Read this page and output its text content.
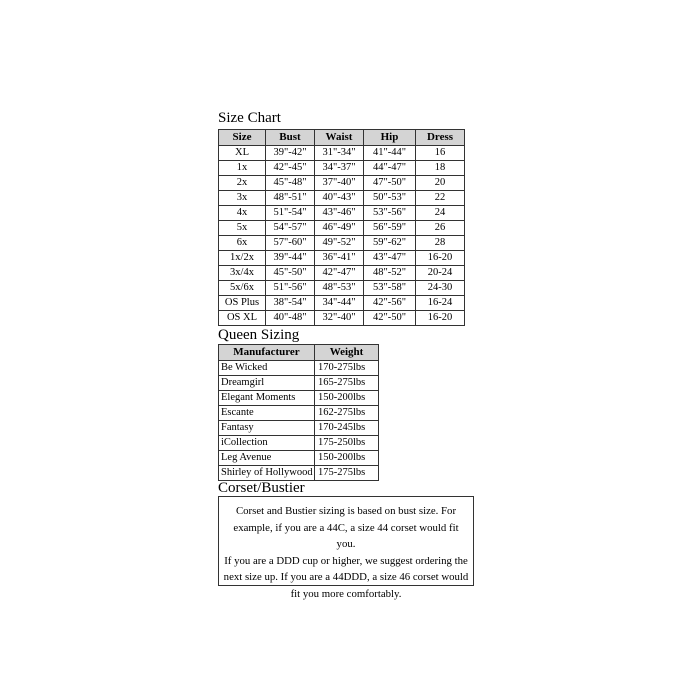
Size Chart
Size	Bust	Waist	Hip	Dress
XL	39"-42"	31"-34"	41"-44"	16
1x	42"-45"	34"-37"	44"-47"	18
2x	45"-48"	37"-40"	47"-50"	20
3x	48"-51"	40"-43"	50"-53"	22
4x	51"-54"	43"-46"	53"-56"	24
5x	54"-57"	46"-49"	56"-59"	26
6x	57"-60"	49"-52"	59"-62"	28
1x/2x	39"-44"	36"-41"	43"-47"	16-20
3x/4x	45"-50"	42"-47"	48"-52"	20-24
5x/6x	51"-56"	48"-53"	53"-58"	24-30
OS Plus	38"-54"	34"-44"	42"-56"	16-24
OS XL	40"-48"	32"-40"	42"-50"	16-20
Queen Sizing
Manufacturer	Weight
Be Wicked	170-275lbs
Dreamgirl	165-275lbs
Elegant Moments	150-200lbs
Escante	162-275lbs
Fantasy	170-245lbs
iCollection	175-250lbs
Leg Avenue	150-200lbs
Shirley of Hollywood	175-275lbs
Corset/Bustier
Corset and Bustier sizing is based on bust size. For
example, if you are a 44C, a size 44 corset would fit you.
If you are a DDD cup or higher, we suggest ordering the
next size up. If you are a 44DDD, a size 46 corset would
fit you more comfortably.
